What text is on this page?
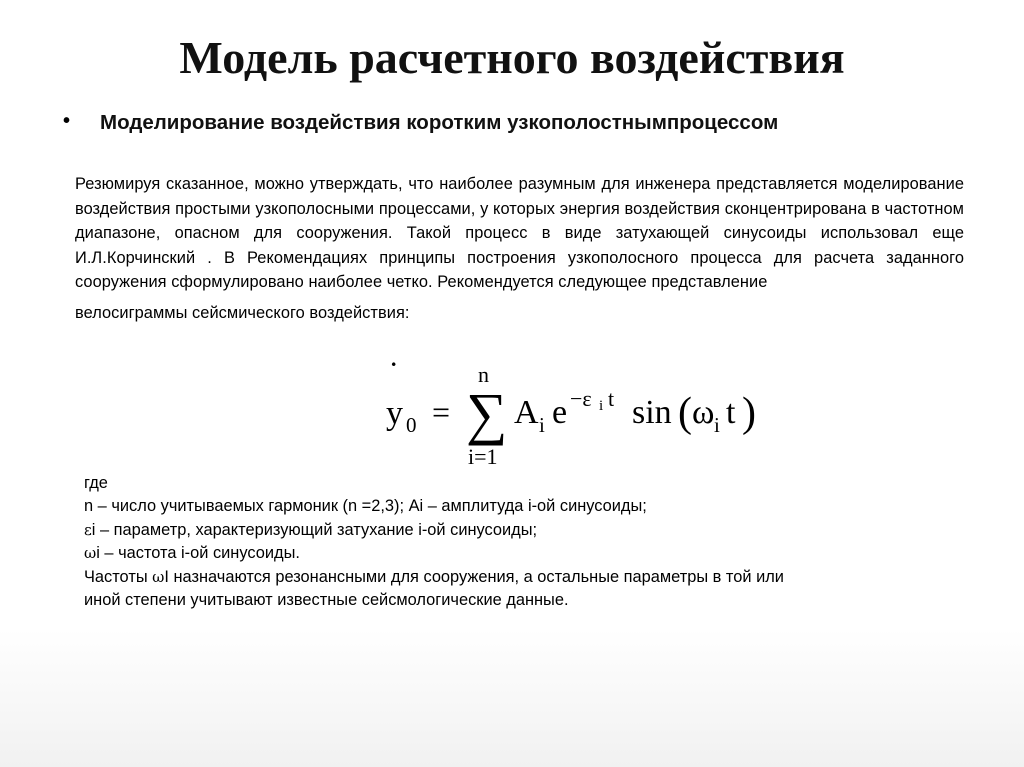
Модель расчетного воздействия
• Моделирование воздействия коротким узкополостнымпроцессом

Резюмируя сказанное, можно утверждать, что наиболее разумным для инженера представляется моделирование воздействия простыми узкополосными процессами, у которых энергия воздействия сконцентрирована в частотном диапазоне, опасном для сооружения. Такой процесс в виде затухающей синусоиды использовал еще И.Л.Корчинский . В Рекомендациях принципы построения узкополосного процесса для расчета заданного сооружения сформулировано наиболее четко. Рекомендуется следующее представление
велосиграммы сейсмического воздействия:

˙
y 0 =
n
∑
i=1
A i e −ε i t sin ( ω i t )
где
n – число учитываемых гармоник (n =2,3); Ai – амплитуда i-ой синусоиды;
εi – параметр, характеризующий затухание i-ой синусоиды;
ωi – частота i-ой синусоиды.
Частоты ωI назначаются резонансными для сооружения, а остальные параметры в той или
иной степени учитывают известные сейсмологические данные.
